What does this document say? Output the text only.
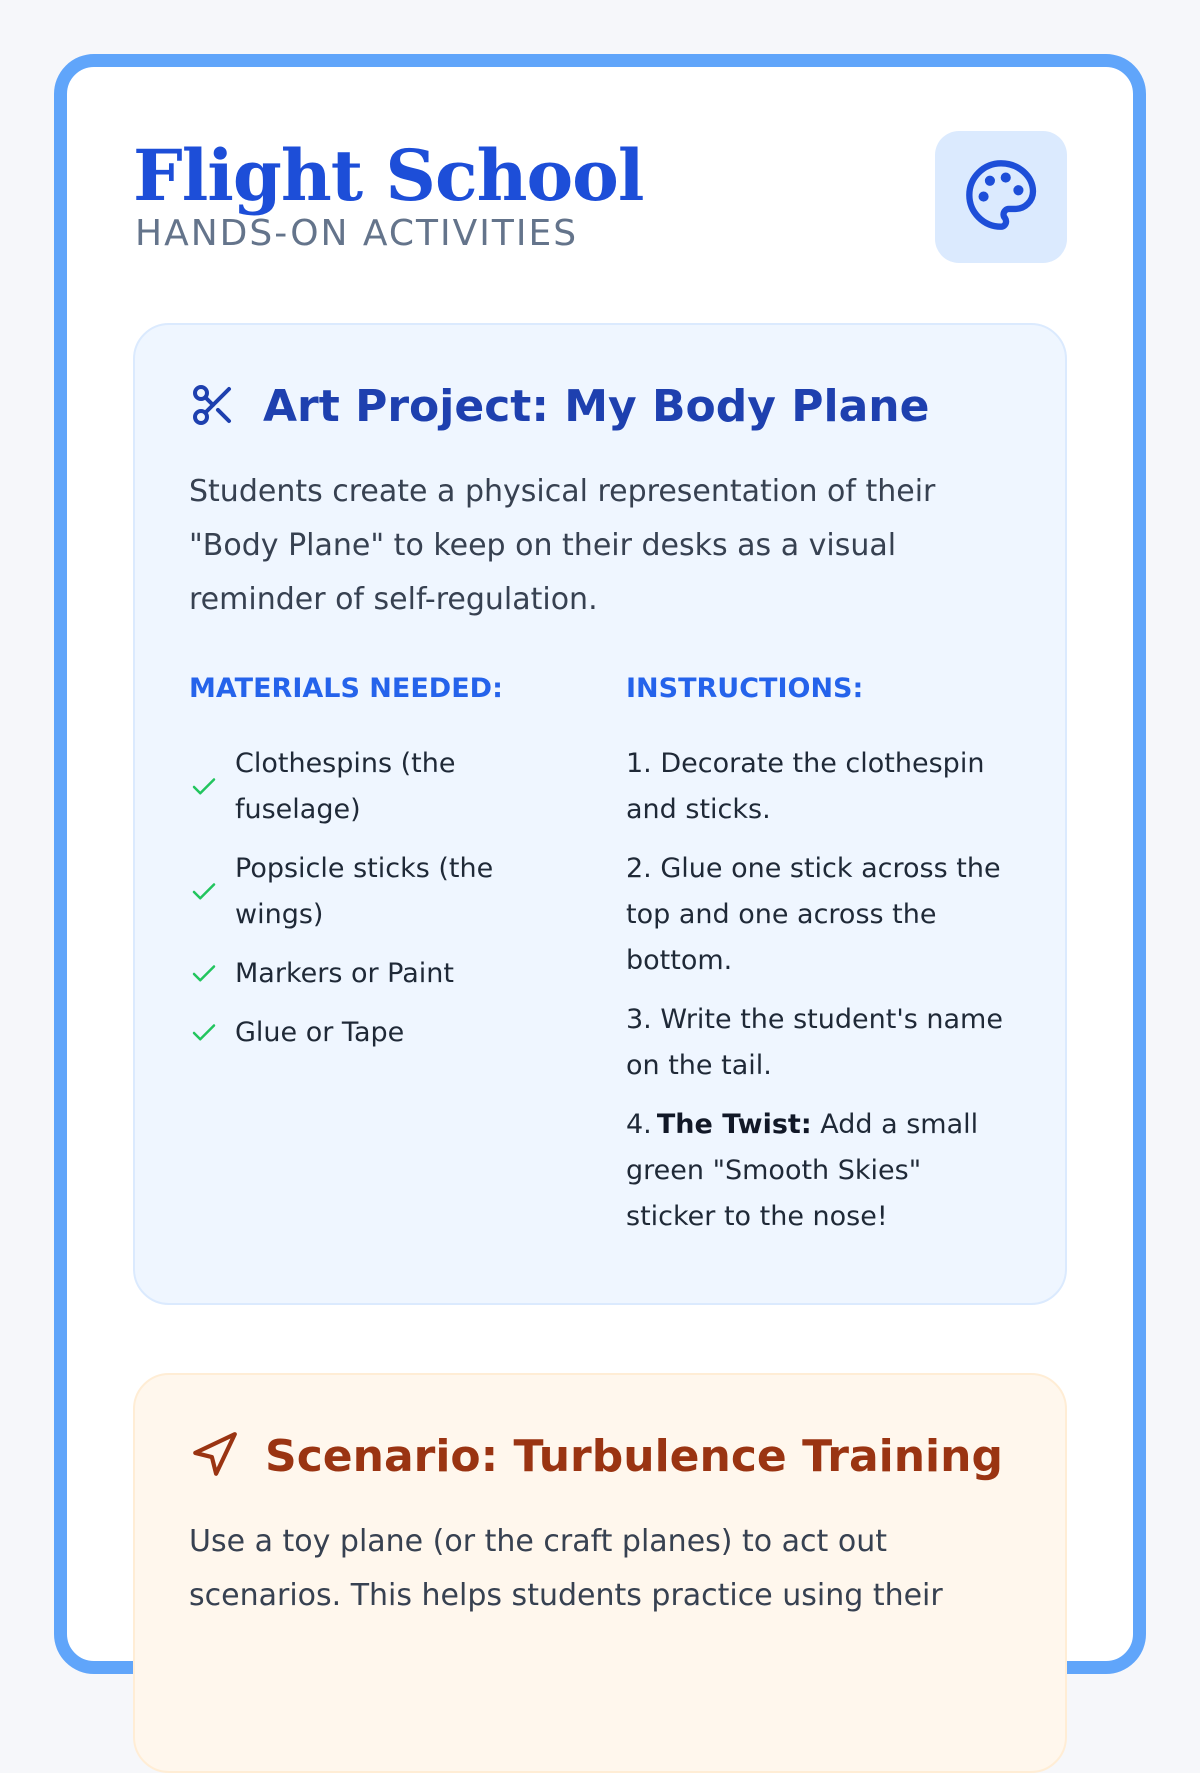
Flight School
HANDS-ON ACTIVITIES
Art Project: My Body Plane
Students create a physical representation of their "Body Plane" to keep on their desks as a visual reminder of self-regulation.
MATERIALS NEEDED:
Clothespins (the fuselage)
Popsicle sticks (the wings)
Markers or Paint
Glue or Tape
INSTRUCTIONS:
1. Decorate the clothespin and sticks.
2. Glue one stick across the top and one across the bottom.
3. Write the student's name on the tail.
4. The Twist: Add a small green "Smooth Skies" sticker to the nose!
Scenario: Turbulence Training
Use a toy plane (or the craft planes) to act out scenarios. This helps students practice using their
